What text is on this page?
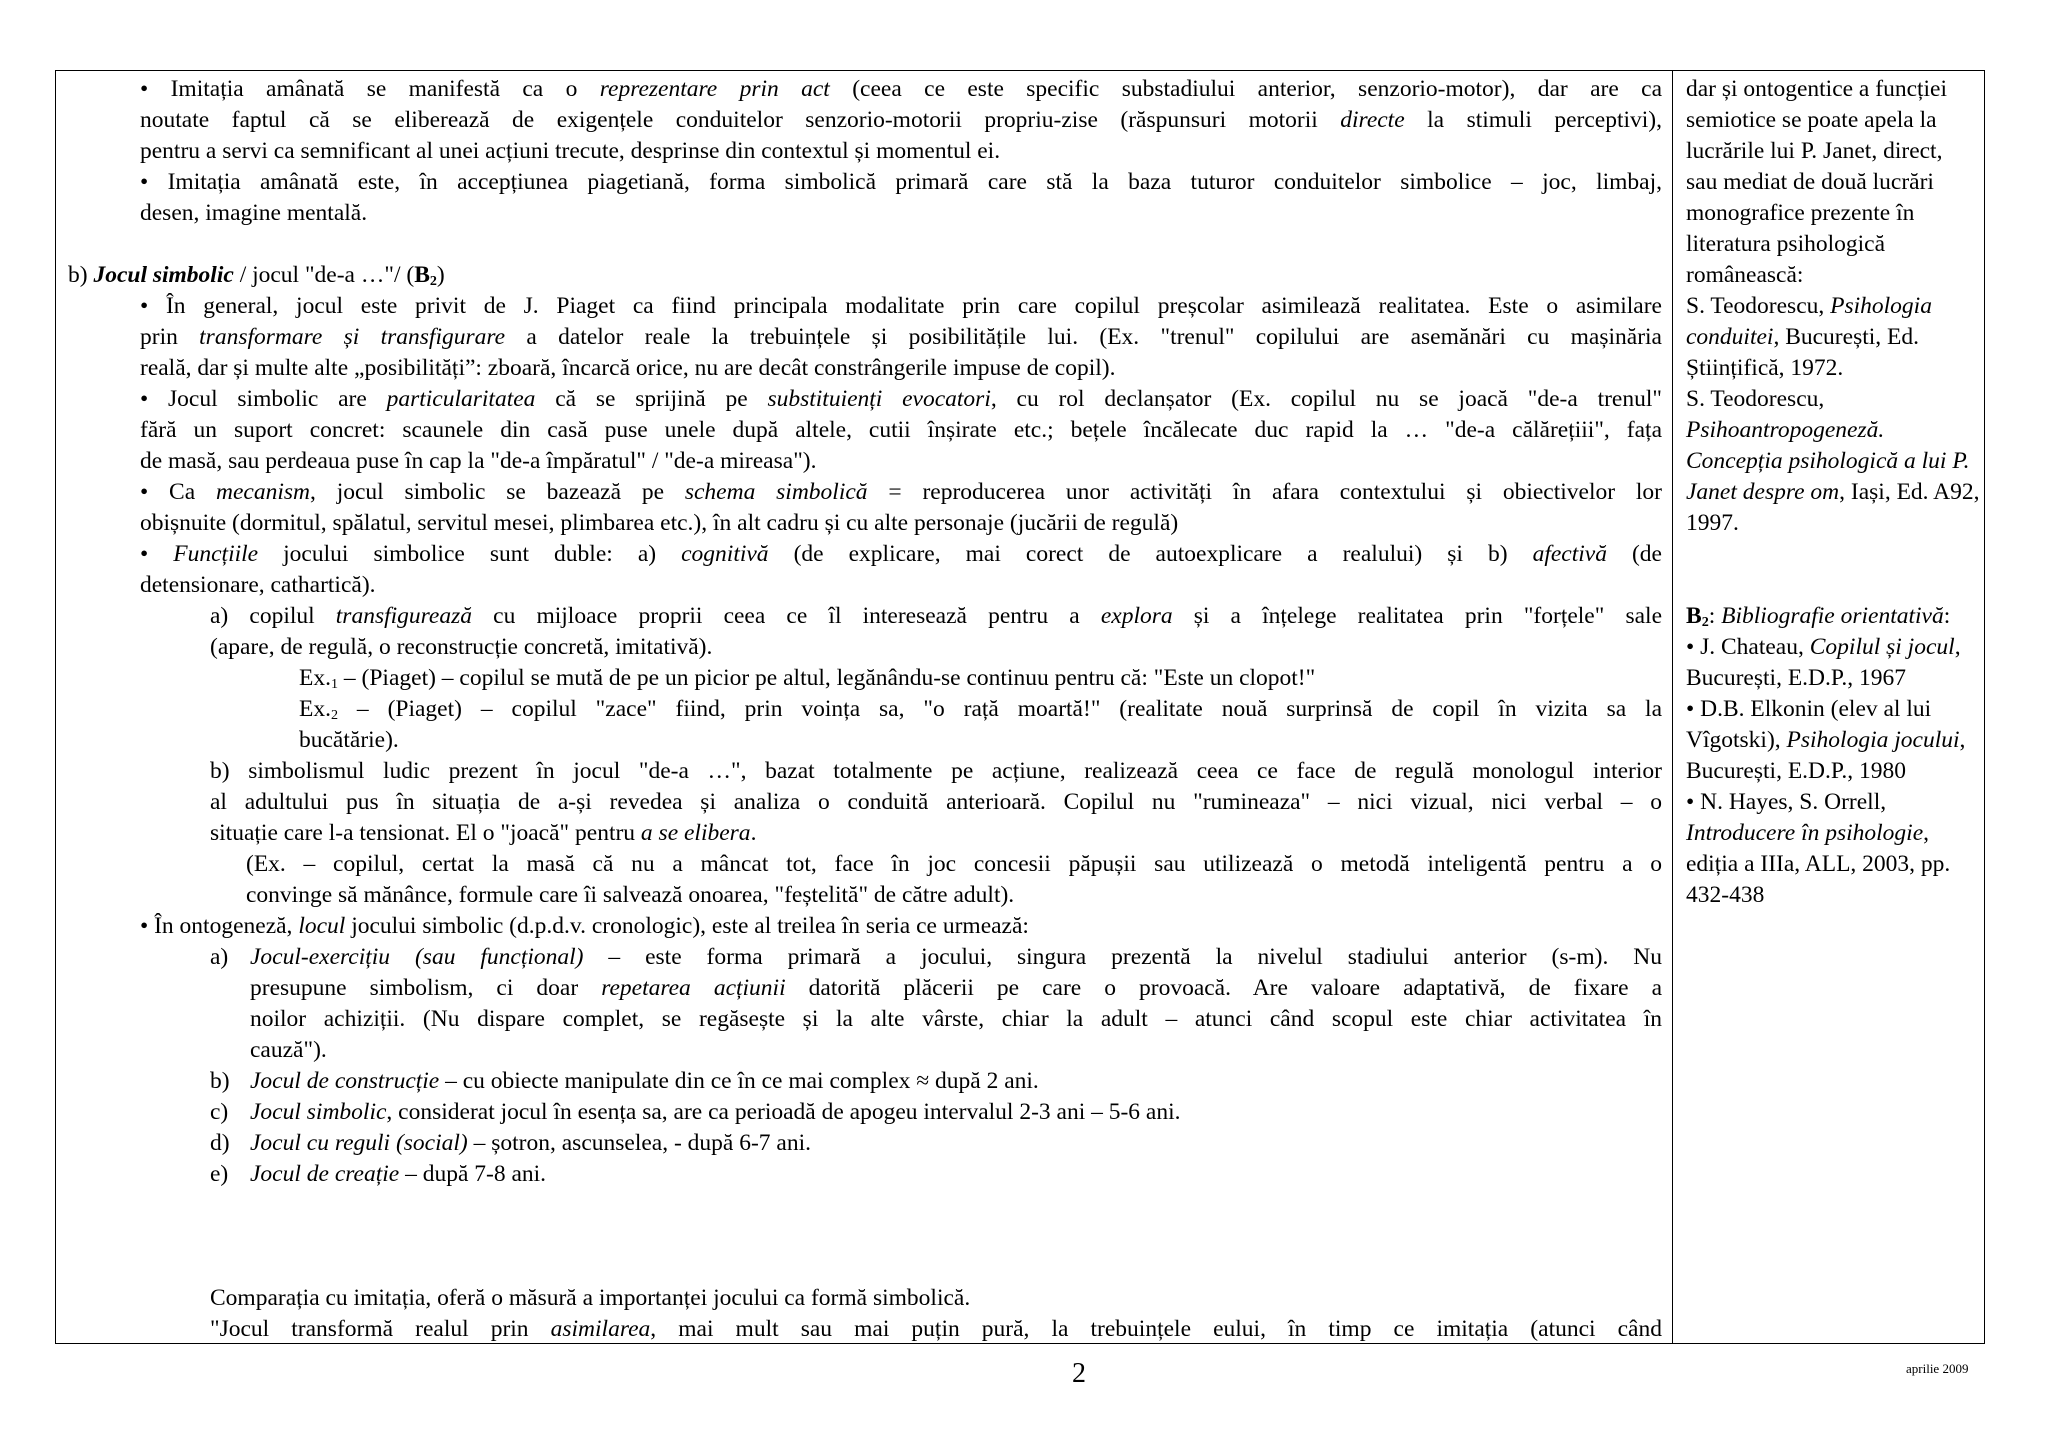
• Imitația amânată se manifestă ca o reprezentare prin act (ceea ce este specific substadiului anterior, senzorio-motor), dar are ca
noutate faptul că se eliberează de exigențele conduitelor senzorio-motorii propriu-zise (răspunsuri motorii directe la stimuli perceptivi),
pentru a servi ca semnificant al unei acțiuni trecute, desprinse din contextul și momentul ei.
• Imitația amânată este, în accepțiunea piagetiană, forma simbolică primară care stă la baza tuturor conduitelor simbolice – joc, limbaj,
desen, imagine mentală.
b) Jocul simbolic / jocul "de-a …"/ $(B_2)$
• În general, jocul este privit de J. Piaget ca fiind principala modalitate prin care copilul preșcolar asimilează realitatea. Este o asimilare
prin transformare și transfigurare a datelor reale la trebuințele și posibilitățile lui. (Ex. "trenul" copilului are asemănări cu mașinăria
reală, dar și multe alte „posibilități”: zboară, încarcă orice, nu are decât constrângerile impuse de copil).
• Jocul simbolic are particularitatea că se sprijină pe substituienți evocatori, cu rol declanșator (Ex. copilul nu se joacă "de-a trenul"
fără un suport concret: scaunele din casă puse unele după altele, cutii înșirate etc.; bețele încălecate duc rapid la … "de-a călărețiii", fața
de masă, sau perdeaua puse în cap la "de-a împăratul" / "de-a mireasa").
• Ca mecanism, jocul simbolic se bazează pe schema simbolică = reproducerea unor activități în afara contextului și obiectivelor lor
obișnuite (dormitul, spălatul, servitul mesei, plimbarea etc.), în alt cadru și cu alte personaje (jucării de regulă)
• Funcțiile jocului simbolice sunt duble: a) cognitivă (de explicare, mai corect de autoexplicare a realului) și b) afectivă (de
detensionare, cathartică).
a) copilul transfigurează cu mijloace proprii ceea ce îl interesează pentru a explora și a înțelege realitatea prin "forțele" sale
(apare, de regulă, o reconstrucție concretă, imitativă).
$Ex._1$ – (Piaget) – copilul se mută de pe un picior pe altul, legănându-se continuu pentru că: "Este un clopot!"
$Ex._2$ – (Piaget) – copilul "zace" fiind, prin voința sa, "o rață moartă!" (realitate nouă surprinsă de copil în vizita sa la
bucătărie).
b) simbolismul ludic prezent în jocul "de-a …", bazat totalmente pe acțiune, realizează ceea ce face de regulă monologul interior
al adultului pus în situația de a-și revedea și analiza o conduită anterioară. Copilul nu "rumineaza" – nici vizual, nici verbal – o
situație care l-a tensionat. El o "joacă" pentru a se elibera.
(Ex. – copilul, certat la masă că nu a mâncat tot, face în joc concesii păpușii sau utilizează o metodă inteligentă pentru a o
convinge să mănânce, formule care îi salvează onoarea, "feștelită" de către adult).
• În ontogeneză, locul jocului simbolic (d.p.d.v. cronologic), este al treilea în seria ce urmează:
a) Jocul-exercițiu (sau funcțional) – este forma primară a jocului, singura prezentă la nivelul stadiului anterior (s-m). Nu
presupune simbolism, ci doar repetarea acțiunii datorită plăcerii pe care o provoacă. Are valoare adaptativă, de fixare a
noilor achiziții. (Nu dispare complet, se regăsește și la alte vârste, chiar la adult – atunci când scopul este chiar activitatea în
cauză").
b) Jocul de construcție – cu obiecte manipulate din ce în ce mai complex ≈ după 2 ani.
c) Jocul simbolic, considerat jocul în esența sa, are ca perioadă de apogeu intervalul 2-3 ani – 5-6 ani.
d) Jocul cu reguli (social) – șotron, ascunselea, - după 6-7 ani.
e) Jocul de creație – după 7-8 ani.
Comparația cu imitația, oferă o măsură a importanței jocului ca formă simbolică.
"Jocul transformă realul prin asimilarea, mai mult sau mai puțin pură, la trebuințele eului, în timp ce imitația (atunci când
dar și ontogentice a funcției
semiotice se poate apela la
lucrările lui P. Janet, direct,
sau mediat de două lucrări
monografice prezente în
literatura psihologică
românească:
S. Teodorescu, Psihologia
conduitei, București, Ed.
Științifică, 1972.
S. Teodorescu,
Psihoantropogeneză.
Concepția psihologică a lui P.
Janet despre om, Iași, Ed. A92,
1997.
$B_2$: Bibliografie orientativă:
• J. Chateau, Copilul și jocul,
București, E.D.P., 1967
• D.B. Elkonin (elev al lui
Vîgotski), Psihologia jocului,
București, E.D.P., 1980
• N. Hayes, S. Orrell,
Introducere în psihologie,
ediția a IIIa, ALL, 2003, pp.
432-438
2	aprilie 2009
